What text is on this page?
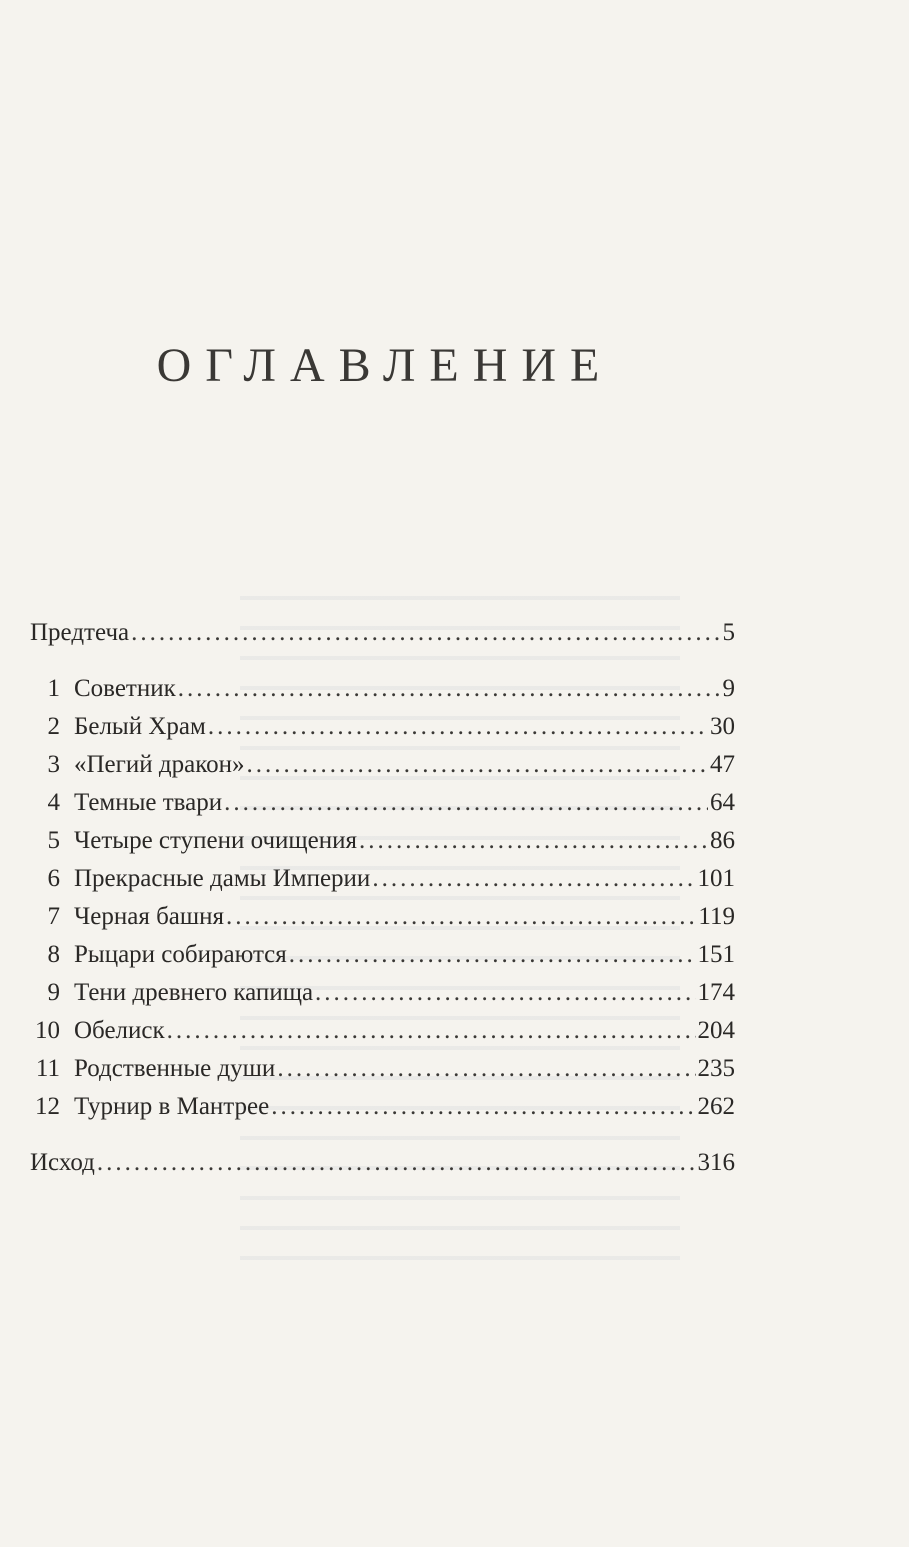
ОГЛАВЛЕНИЕ
Предтеча .....	5
1 Советник .....	9
2 Белый Храм .....	30
3 «Пегий дракон» .....	47
4 Темные твари .....	64
5 Четыре ступени очищения .....	86
6 Прекрасные дамы Империи .....	101
7 Черная башня .....	119
8 Рыцари собираются .....	151
9 Тени древнего капища .....	174
10 Обелиск .....	204
11 Родственные души .....	235
12 Турнир в Мантрее .....	262
Исход .....	316
